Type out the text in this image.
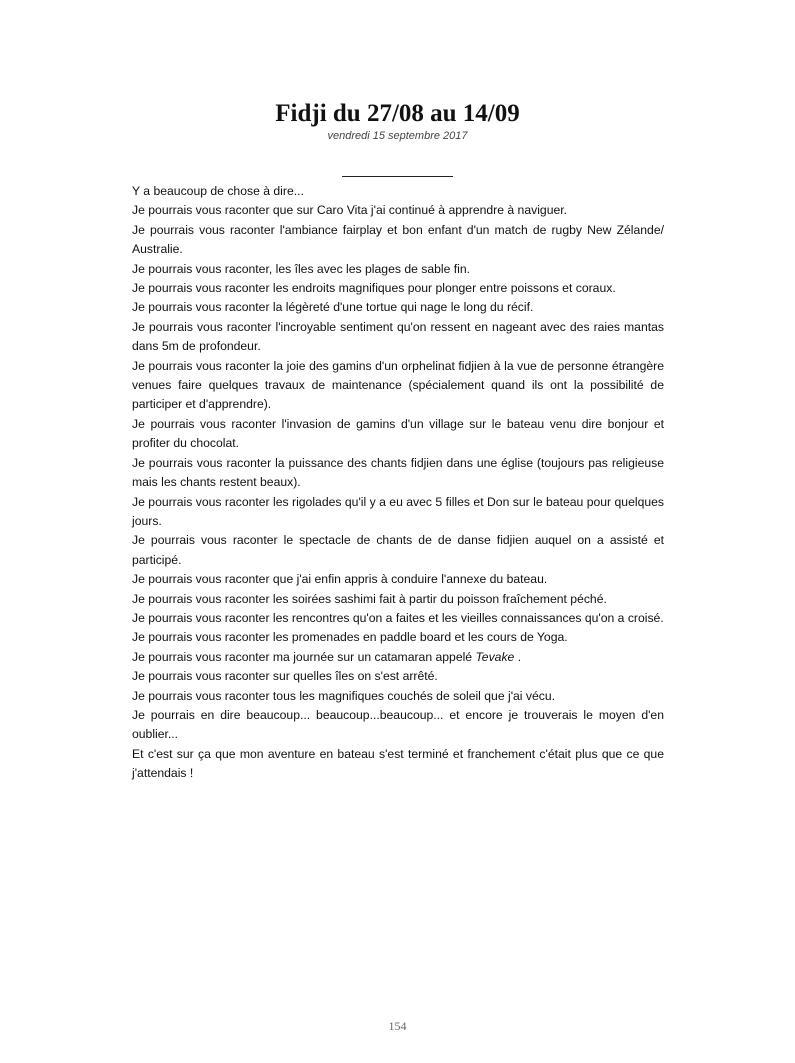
Fidji du 27/08 au 14/09
vendredi 15 septembre 2017

Y a beaucoup de chose à dire...

Je pourrais vous raconter que sur Caro Vita j'ai continué à apprendre à naviguer.

Je pourrais vous raconter l'ambiance fairplay et bon enfant d'un match de rugby New Zélande/ Australie.

Je pourrais vous raconter, les îles avec les plages de sable fin.

Je pourrais vous raconter les endroits magnifiques pour plonger entre poissons et coraux.

Je pourrais vous raconter la légèreté d'une tortue qui nage le long du récif.

Je pourrais vous raconter l'incroyable sentiment qu'on ressent en nageant avec des raies mantas dans 5m de profondeur.

Je pourrais vous raconter la joie des gamins d'un orphelinat fidjien à la vue de personne étrangère venues faire quelques travaux de maintenance (spécialement quand ils ont la possibilité de participer et d'apprendre).

Je pourrais vous raconter l'invasion de gamins d'un village sur le bateau venu dire bonjour et profiter du chocolat.

Je pourrais vous raconter la puissance des chants fidjien dans une église (toujours pas religieuse mais les chants restent beaux).

Je pourrais vous raconter les rigolades qu'il y a eu avec 5 filles et Don sur le bateau pour quelques jours.

Je pourrais vous raconter le spectacle de chants de de danse fidjien auquel on a assisté et participé.

Je pourrais vous raconter que j'ai enfin appris à conduire l'annexe du bateau.

Je pourrais vous raconter les soirées sashimi fait à partir du poisson fraîchement péché.

Je pourrais vous raconter les rencontres qu'on a faites et les vieilles connaissances qu'on a croisé.

Je pourrais vous raconter les promenades en paddle board et les cours de Yoga.

Je pourrais vous raconter ma journée sur un catamaran appelé Tevake .

Je pourrais vous raconter sur quelles îles on s'est arrêté.

Je pourrais vous raconter tous les magnifiques couchés de soleil que j'ai vécu.

Je pourrais en dire beaucoup... beaucoup...beaucoup... et encore je trouverais le moyen d'en oublier...

Et c'est sur ça que mon aventure en bateau s'est terminé et franchement c'était plus que ce que j'attendais !

154
